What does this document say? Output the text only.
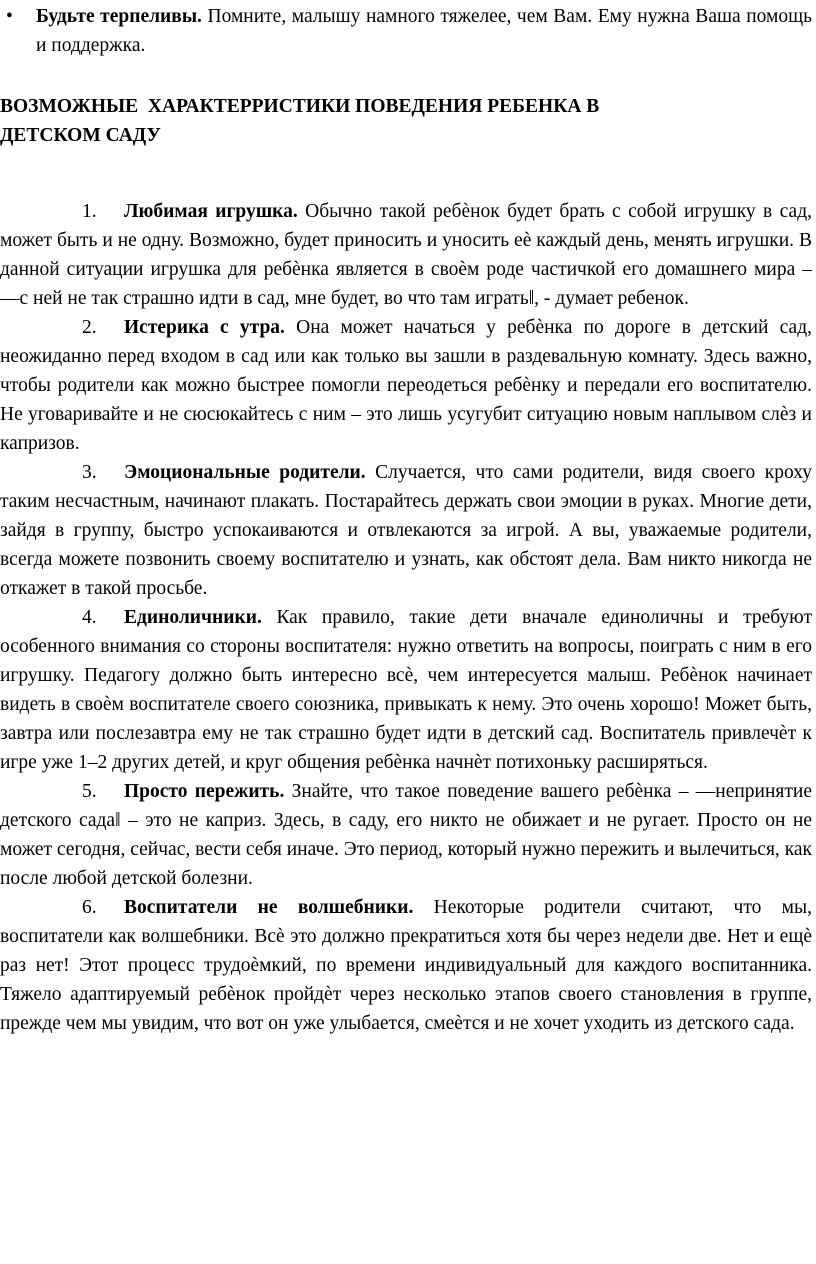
•	Будьте терпеливы. Помните, малышу намного тяжелее, чем Вам. Ему нужна Ваша помощь и поддержка.
ВОЗМОЖНЫЕ  ХАРАКТЕРРИСТИКИ ПОВЕДЕНИЯ РЕБЕНКА В
ДЕТСКОМ САДУ

1. Любимая игрушка. Обычно такой ребѐнок будет брать с собой игрушку в сад, может быть и не одну. Возможно, будет приносить и уносить еѐ каждый день, менять игрушки. В данной ситуации игрушка для ребѐнка является в своѐм роде частичкой его домашнего мира – ―с ней не так страшно идти в сад, мне будет, во что там играть‖, - думает ребенок.

2. Истерика с утра. Она может начаться у ребѐнка по дороге в детский сад, неожиданно перед входом в сад или как только вы зашли в раздевальную комнату. Здесь важно, чтобы родители как можно быстрее помогли переодеться ребѐнку и передали его воспитателю. Не уговаривайте и не сюсюкайтесь с ним – это лишь усугубит ситуацию новым наплывом слѐз и капризов.

3. Эмоциональные родители. Случается, что сами родители, видя своего кроху таким несчастным, начинают плакать. Постарайтесь держать свои эмоции в руках. Многие дети, зайдя в группу, быстро успокаиваются и отвлекаются за игрой. А вы, уважаемые родители, всегда можете позвонить своему воспитателю и узнать, как обстоят дела. Вам никто никогда не откажет в такой просьбе.

4. Единоличники. Как правило, такие дети вначале единоличны и требуют особенного внимания со стороны воспитателя: нужно ответить на вопросы, поиграть с ним в его игрушку. Педагогу должно быть интересно всѐ, чем интересуется малыш. Ребѐнок начинает видеть в своѐм воспитателе своего союзника, привыкать к нему. Это очень хорошо! Может быть, завтра или послезавтра ему не так страшно будет идти в детский сад. Воспитатель привлечѐт к игре уже 1–2 других детей, и круг общения ребѐнка начнѐт потихоньку расширяться.

5. Просто пережить. Знайте, что такое поведение вашего ребѐнка – ―непринятие детского сада‖ – это не каприз. Здесь, в саду, его никто не обижает и не ругает. Просто он не может сегодня, сейчас, вести себя иначе. Это период, который нужно пережить и вылечиться, как после любой детской болезни.

6. Воспитатели не волшебники. Некоторые родители считают, что мы, воспитатели как волшебники. Всѐ это должно прекратиться хотя бы через недели две. Нет и ещѐ раз нет! Этот процесс трудоѐмкий, по времени индивидуальный для каждого воспитанника. Тяжело адаптируемый ребѐнок пройдѐт через несколько этапов своего становления в группе, прежде чем мы увидим, что вот он уже улыбается, смеѐтся и не хочет уходить из детского сада.
